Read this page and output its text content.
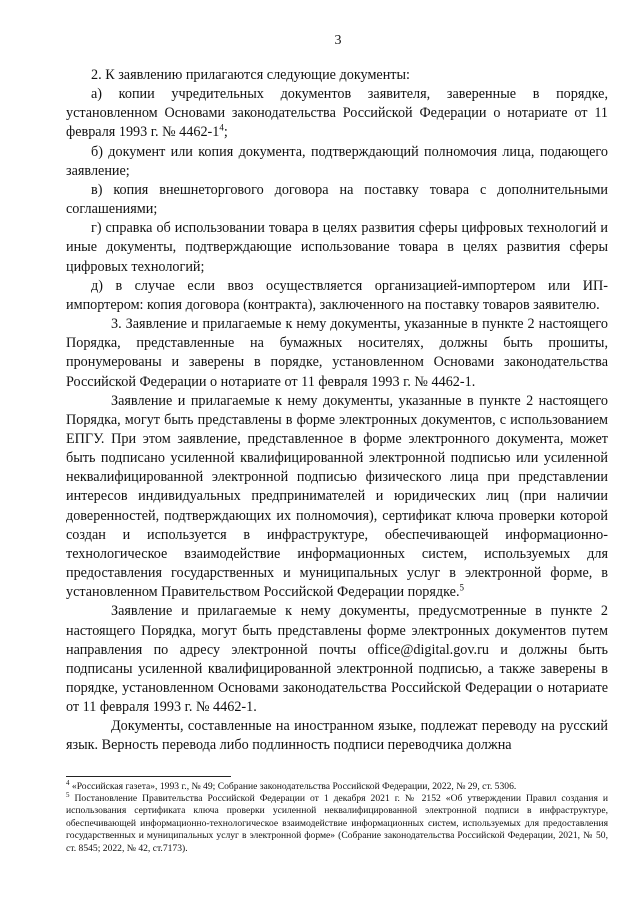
3

2. К заявлению прилагаются следующие документы:

а) копии учредительных документов заявителя, заверенные в порядке, установленном Основами законодательства Российской Федерации о нотариате от 11 февраля 1993 г. № $4462-1^4$;

б) документ или копия документа, подтверждающий полномочия лица, подающего заявление;

в) копия внешнеторгового договора на поставку товара с дополнительными соглашениями;

г) справка об использовании товара в целях развития сферы цифровых технологий и иные документы, подтверждающие использование товара в целях развития сферы цифровых технологий;

д) в случае если ввоз осуществляется организацией-импортером или ИП-импортером: копия договора (контракта), заключенного на поставку товаров заявителю.

3. Заявление и прилагаемые к нему документы, указанные в пункте 2 настоящего Порядка, представленные на бумажных носителях, должны быть прошиты, пронумерованы и заверены в порядке, установленном Основами законодательства Российской Федерации о нотариате от 11 февраля 1993 г. № 4462-1.

Заявление и прилагаемые к нему документы, указанные в пункте 2 настоящего Порядка, могут быть представлены в форме электронных документов, с использованием ЕПГУ. При этом заявление, представленное в форме электронного документа, может быть подписано усиленной квалифицированной электронной подписью или усиленной неквалифицированной электронной подписью физического лица при представлении интересов индивидуальных предпринимателей и юридических лиц (при наличии доверенностей, подтверждающих их полномочия), сертификат ключа проверки которой создан и используется в инфраструктуре, обеспечивающей информационно-технологическое взаимодействие информационных систем, используемых для предоставления государственных и муниципальных услуг в электронной форме, в установленном Правительством Российской Федерации порядке.$^5$

Заявление и прилагаемые к нему документы, предусмотренные в пункте 2 настоящего Порядка, могут быть представлены форме электронных документов путем направления по адресу электронной почты office@digital.gov.ru и должны быть подписаны усиленной квалифицированной электронной подписью, а также заверены в порядке, установленном Основами законодательства Российской Федерации о нотариате от 11 февраля 1993 г. № 4462-1.

Документы, составленные на иностранном языке, подлежат переводу на русский язык. Верность перевода либо подлинность подписи переводчика должна

$^4$ «Российская газета», 1993 г., № 49; Собрание законодательства Российской Федерации, 2022, № 29, ст. 5306.

$^5$ Постановление Правительства Российской Федерации от 1 декабря 2021 г. № 2152 «Об утверждении Правил создания и использования сертификата ключа проверки усиленной неквалифицированной электронной подписи в инфраструктуре, обеспечивающей информационно-технологическое взаимодействие информационных систем, используемых для предоставления государственных и муниципальных услуг в электронной форме» (Собрание законодательства Российской Федерации, 2021, № 50, ст. 8545; 2022, № 42, ст.7173).
